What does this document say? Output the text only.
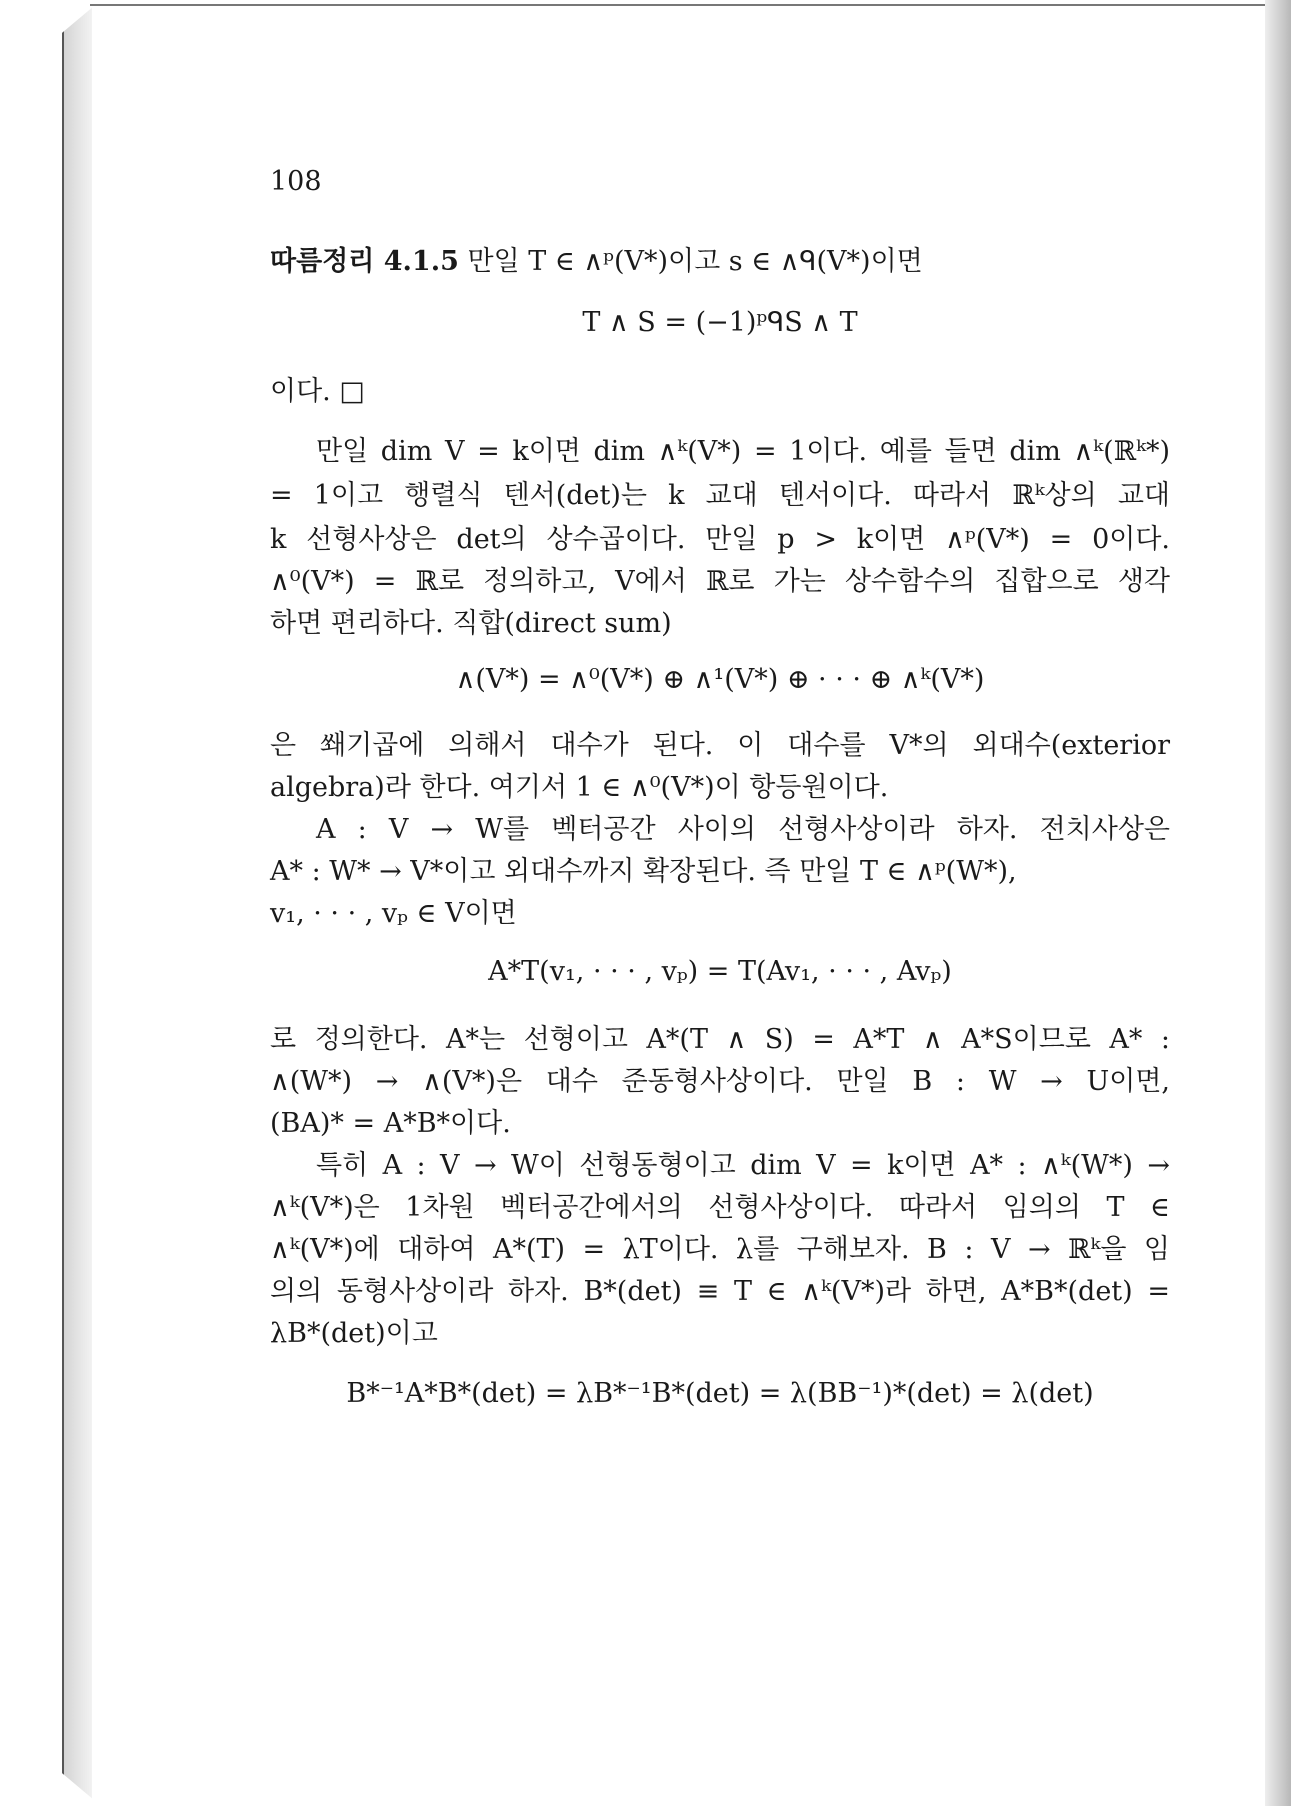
108
따름정리 4.1.5 만일 T ∈ ∧ᵖ(V*)이고 s ∈ ∧ᑫ(V*)이면
T ∧ S = (−1)ᵖᑫS ∧ T
이다. □
만일 dim V = k이면 dim ∧ᵏ(V*) = 1이다. 예를 들면 dim ∧ᵏ(ℝᵏ*)
= 1이고 행렬식 텐서(det)는 k 교대 텐서이다. 따라서 ℝᵏ상의 교대
k 선형사상은 det의 상수곱이다. 만일 p > k이면 ∧ᵖ(V*) = 0이다.
∧⁰(V*) = ℝ로 정의하고, V에서 ℝ로 가는 상수함수의 집합으로 생각
하면 편리하다. 직합(direct sum)
∧(V*) = ∧⁰(V*) ⊕ ∧¹(V*) ⊕ · · · ⊕ ∧ᵏ(V*)
은 쐐기곱에 의해서 대수가 된다. 이 대수를 V*의 외대수(exterior
algebra)라 한다. 여기서 1 ∈ ∧⁰(V*)이 항등원이다.
A : V → W를 벡터공간 사이의 선형사상이라 하자. 전치사상은
A* : W* → V*이고 외대수까지 확장된다. 즉 만일 T ∈ ∧ᵖ(W*),
v₁, · · · , vₚ ∈ V이면
A*T(v₁, · · · , vₚ) = T(Av₁, · · · , Avₚ)
로 정의한다. A*는 선형이고 A*(T ∧ S) = A*T ∧ A*S이므로 A* :
∧(W*) → ∧(V*)은 대수 준동형사상이다. 만일 B : W → U이면,
(BA)* = A*B*이다.
특히 A : V → W이 선형동형이고 dim V = k이면 A* : ∧ᵏ(W*) →
∧ᵏ(V*)은 1차원 벡터공간에서의 선형사상이다. 따라서 임의의 T ∈
∧ᵏ(V*)에 대하여 A*(T) = λT이다. λ를 구해보자. B : V → ℝᵏ을 임
의의 동형사상이라 하자. B*(det) ≡ T ∈ ∧ᵏ(V*)라 하면, A*B*(det) =
λB*(det)이고
B*⁻¹A*B*(det) = λB*⁻¹B*(det) = λ(BB⁻¹)*(det) = λ(det)
